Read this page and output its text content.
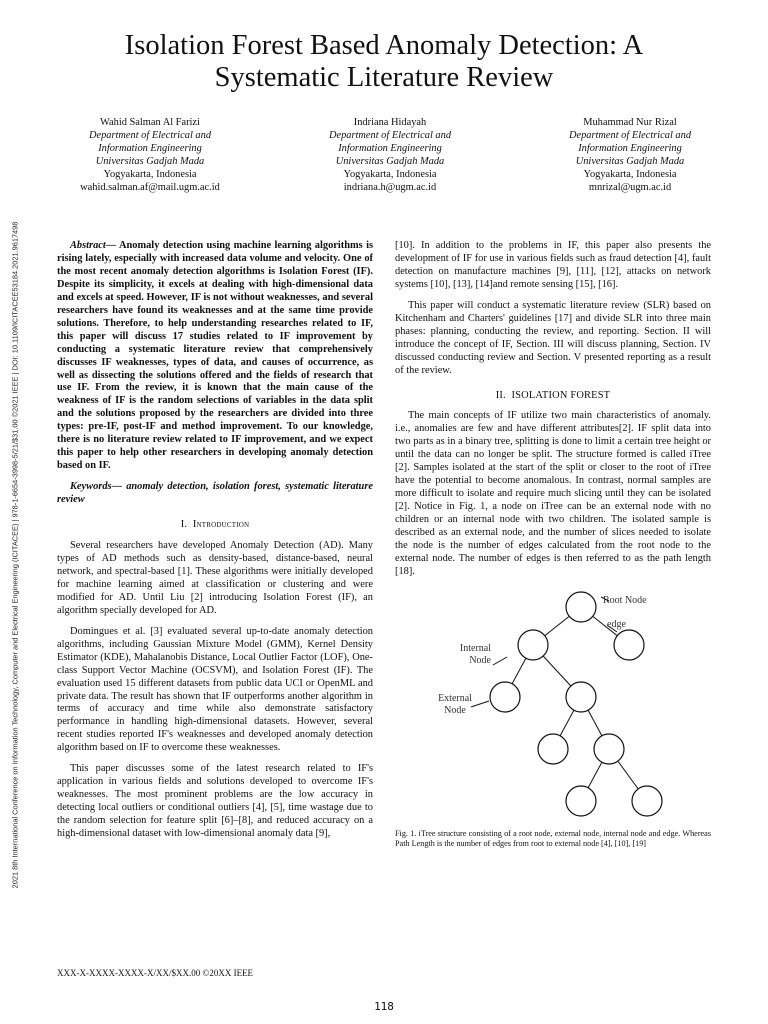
2021 8th International Conference on Information Technology, Computer and Electrical Engineering (ICITACEE) | 978-1-6654-3998-5/21/$31.00 ©2021 IEEE | DOI: 10.1109/ICITACEE53184.2021.9617498
Isolation Forest Based Anomaly Detection: A Systematic Literature Review
Wahid Salman Al Farizi
Department of Electrical and
Information Engineering
Universitas Gadjah Mada
Yogyakarta, Indonesia
wahid.salman.af@mail.ugm.ac.id
Indriana Hidayah
Department of Electrical and
Information Engineering
Universitas Gadjah Mada
Yogyakarta, Indonesia
indriana.h@ugm.ac.id
Muhammad Nur Rizal
Department of Electrical and
Information Engineering
Universitas Gadjah Mada
Yogyakarta, Indonesia
mnrizal@ugm.ac.id

Abstract— Anomaly detection using machine learning algorithms is rising lately, especially with increased data volume and velocity. One of the most recent anomaly detection algorithms is Isolation Forest (IF). Despite its simplicity, it excels at dealing with high-dimensional data and excels at speed. However, IF is not without weaknesses, and several researchers have found its weaknesses and at the same time provide solutions. Therefore, to help understanding researches related to IF, this paper will discuss 17 studies related to IF improvement by conducting a systematic literature review that comprehensively discusses IF weaknesses, types of data, and causes of occurrence, as well as dissecting the solutions offered and the fields of research that use IF. From the review, it is known that the main cause of the weakness of IF is the random selections of variables in the data split and the solutions proposed by the researchers are divided into three types: pre-IF, post-IF and method improvement. To our knowledge, there is no literature review related to IF improvement, and we expect this paper to help other researchers in developing anomaly detection based on IF.

Keywords— anomaly detection, isolation forest, systematic literature review

I. Introduction

Several researchers have developed Anomaly Detection (AD). Many types of AD methods such as density-based, distance-based, neural network, and spectral-based [1]. These algorithms were initially developed for machine learning aimed at classification or clustering and were modified for AD. Until Liu [2] introducing Isolation Forest (IF), an algorithm specially developed for AD.

Domingues et al. [3] evaluated several up-to-date anomaly detection algorithms, including Gaussian Mixture Model (GMM), Kernel Density Estimator (KDE), Mahalanobis Distance, Local Outlier Factor (LOF), One-class Support Vector Machine (OCSVM), and Isolation Forest (IF). The evaluation used 15 different datasets from public data UCI or OpenML and private data. The result has shown that IF outperforms another algorithm in terms of accuracy and time while also demonstrate satisfactory performance in handling high-dimensional datasets. However, several recent studies reported IF's weaknesses and developed anomaly detection algorithm based on IF to overcome these weaknesses.

This paper discusses some of the latest research related to IF's application in various fields and solutions developed to overcome IF's weaknesses. The most prominent problems are the low accuracy in detecting local outliers or conditional outliers [4], [5], time wastage due to the random selection for feature split [6]–[8], and reduced accuracy on a high-dimensional dataset with low-dimensional anomaly data [9],

[10]. In addition to the problems in IF, this paper also presents the development of IF for use in various fields such as fraud detection [4], fault detection on manufacture machines [9], [11], [12], attacks on network systems [10], [13], [14]and remote sensing [15], [16].

This paper will conduct a systematic literature review (SLR) based on Kitchenham and Charters' guidelines [17] and divide SLR into three main phases: planning, conducting the review, and reporting. Section. II will introduce the concept of IF, Section. III will discuss planning, Section. IV discussed conducting review and Section. V presented reporting as a result of the review.

II. ISOLATION FOREST

The main concepts of IF utilize two main characteristics of anomaly. i.e., anomalies are few and have different attributes[2]. IF split data into two parts as in a binary tree, splitting is done to limit a certain tree height or until the data can no longer be split. The structure formed is called iTree [2]. Samples isolated at the start of the split or closer to the root of iTree have the potential to become anomalous. In contrast, normal samples are more difficult to isolate and require much slicing until they can be isolated [2]. Notice in Fig. 1, a node on iTree can be an external node with no children or an internal node with two children. The isolated sample is described as an external node, and the number of slices needed to isolate the node is the number of edges calculated from the root node to the external node. The number of edges is then referred to as the path length [18].

Root Node
edge
Internal
Node
External
Node
Fig. 1. iTree structure consisting of a root node, external node, internal node and edge. Whereas Path Length is the number of edges from root to external node [4], [10], [19]
XXX-X-XXXX-XXXX-X/XX/$XX.00 ©20XX IEEE
118
